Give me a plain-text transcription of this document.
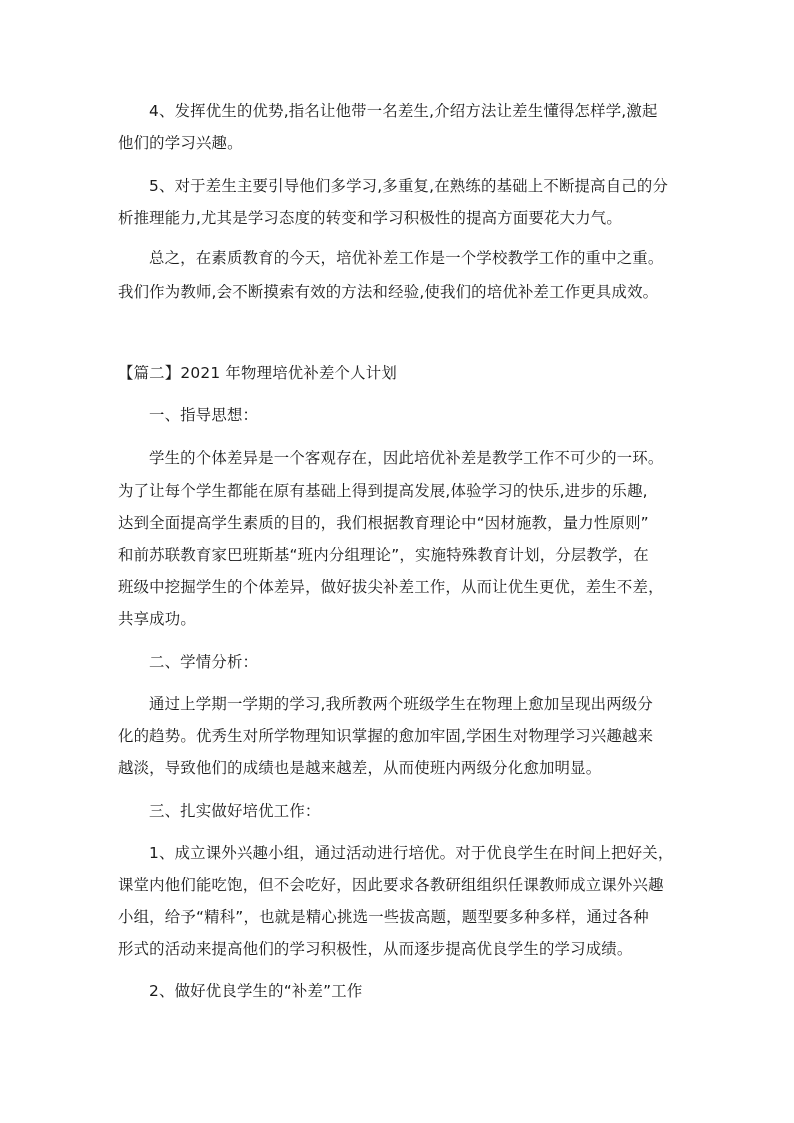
4、发挥优生的优势,指名让他带一名差生,介绍方法让差生懂得怎样学,激起
他们的学习兴趣。
5、对于差生主要引导他们多学习,多重复,在熟练的基础上不断提高自己的分
析推理能力,尤其是学习态度的转变和学习积极性的提高方面要花大力气。
总之，在素质教育的今天，培优补差工作是一个学校教学工作的重中之重。
我们作为教师,会不断摸索有效的方法和经验,使我们的培优补差工作更具成效。
【篇二】2021 年物理培优补差个人计划
一、指导思想：
学生的个体差异是一个客观存在，因此培优补差是教学工作不可少的一环。
为了让每个学生都能在原有基础上得到提高发展,体验学习的快乐,进步的乐趣,
达到全面提高学生素质的目的，我们根据教育理论中“因材施教，量力性原则”
和前苏联教育家巴班斯基“班内分组理论”，实施特殊教育计划，分层教学，在
班级中挖掘学生的个体差异，做好拔尖补差工作，从而让优生更优，差生不差，
共享成功。
二、学情分析：
通过上学期一学期的学习,我所教两个班级学生在物理上愈加呈现出两级分
化的趋势。优秀生对所学物理知识掌握的愈加牢固,学困生对物理学习兴趣越来
越淡，导致他们的成绩也是越来越差，从而使班内两级分化愈加明显。
三、扎实做好培优工作：
1、成立课外兴趣小组，通过活动进行培优。对于优良学生在时间上把好关，
课堂内他们能吃饱，但不会吃好，因此要求各教研组组织任课教师成立课外兴趣
小组，给予“精科”，也就是精心挑选一些拔高题，题型要多种多样，通过各种
形式的活动来提高他们的学习积极性，从而逐步提高优良学生的学习成绩。
2、做好优良学生的“补差”工作
